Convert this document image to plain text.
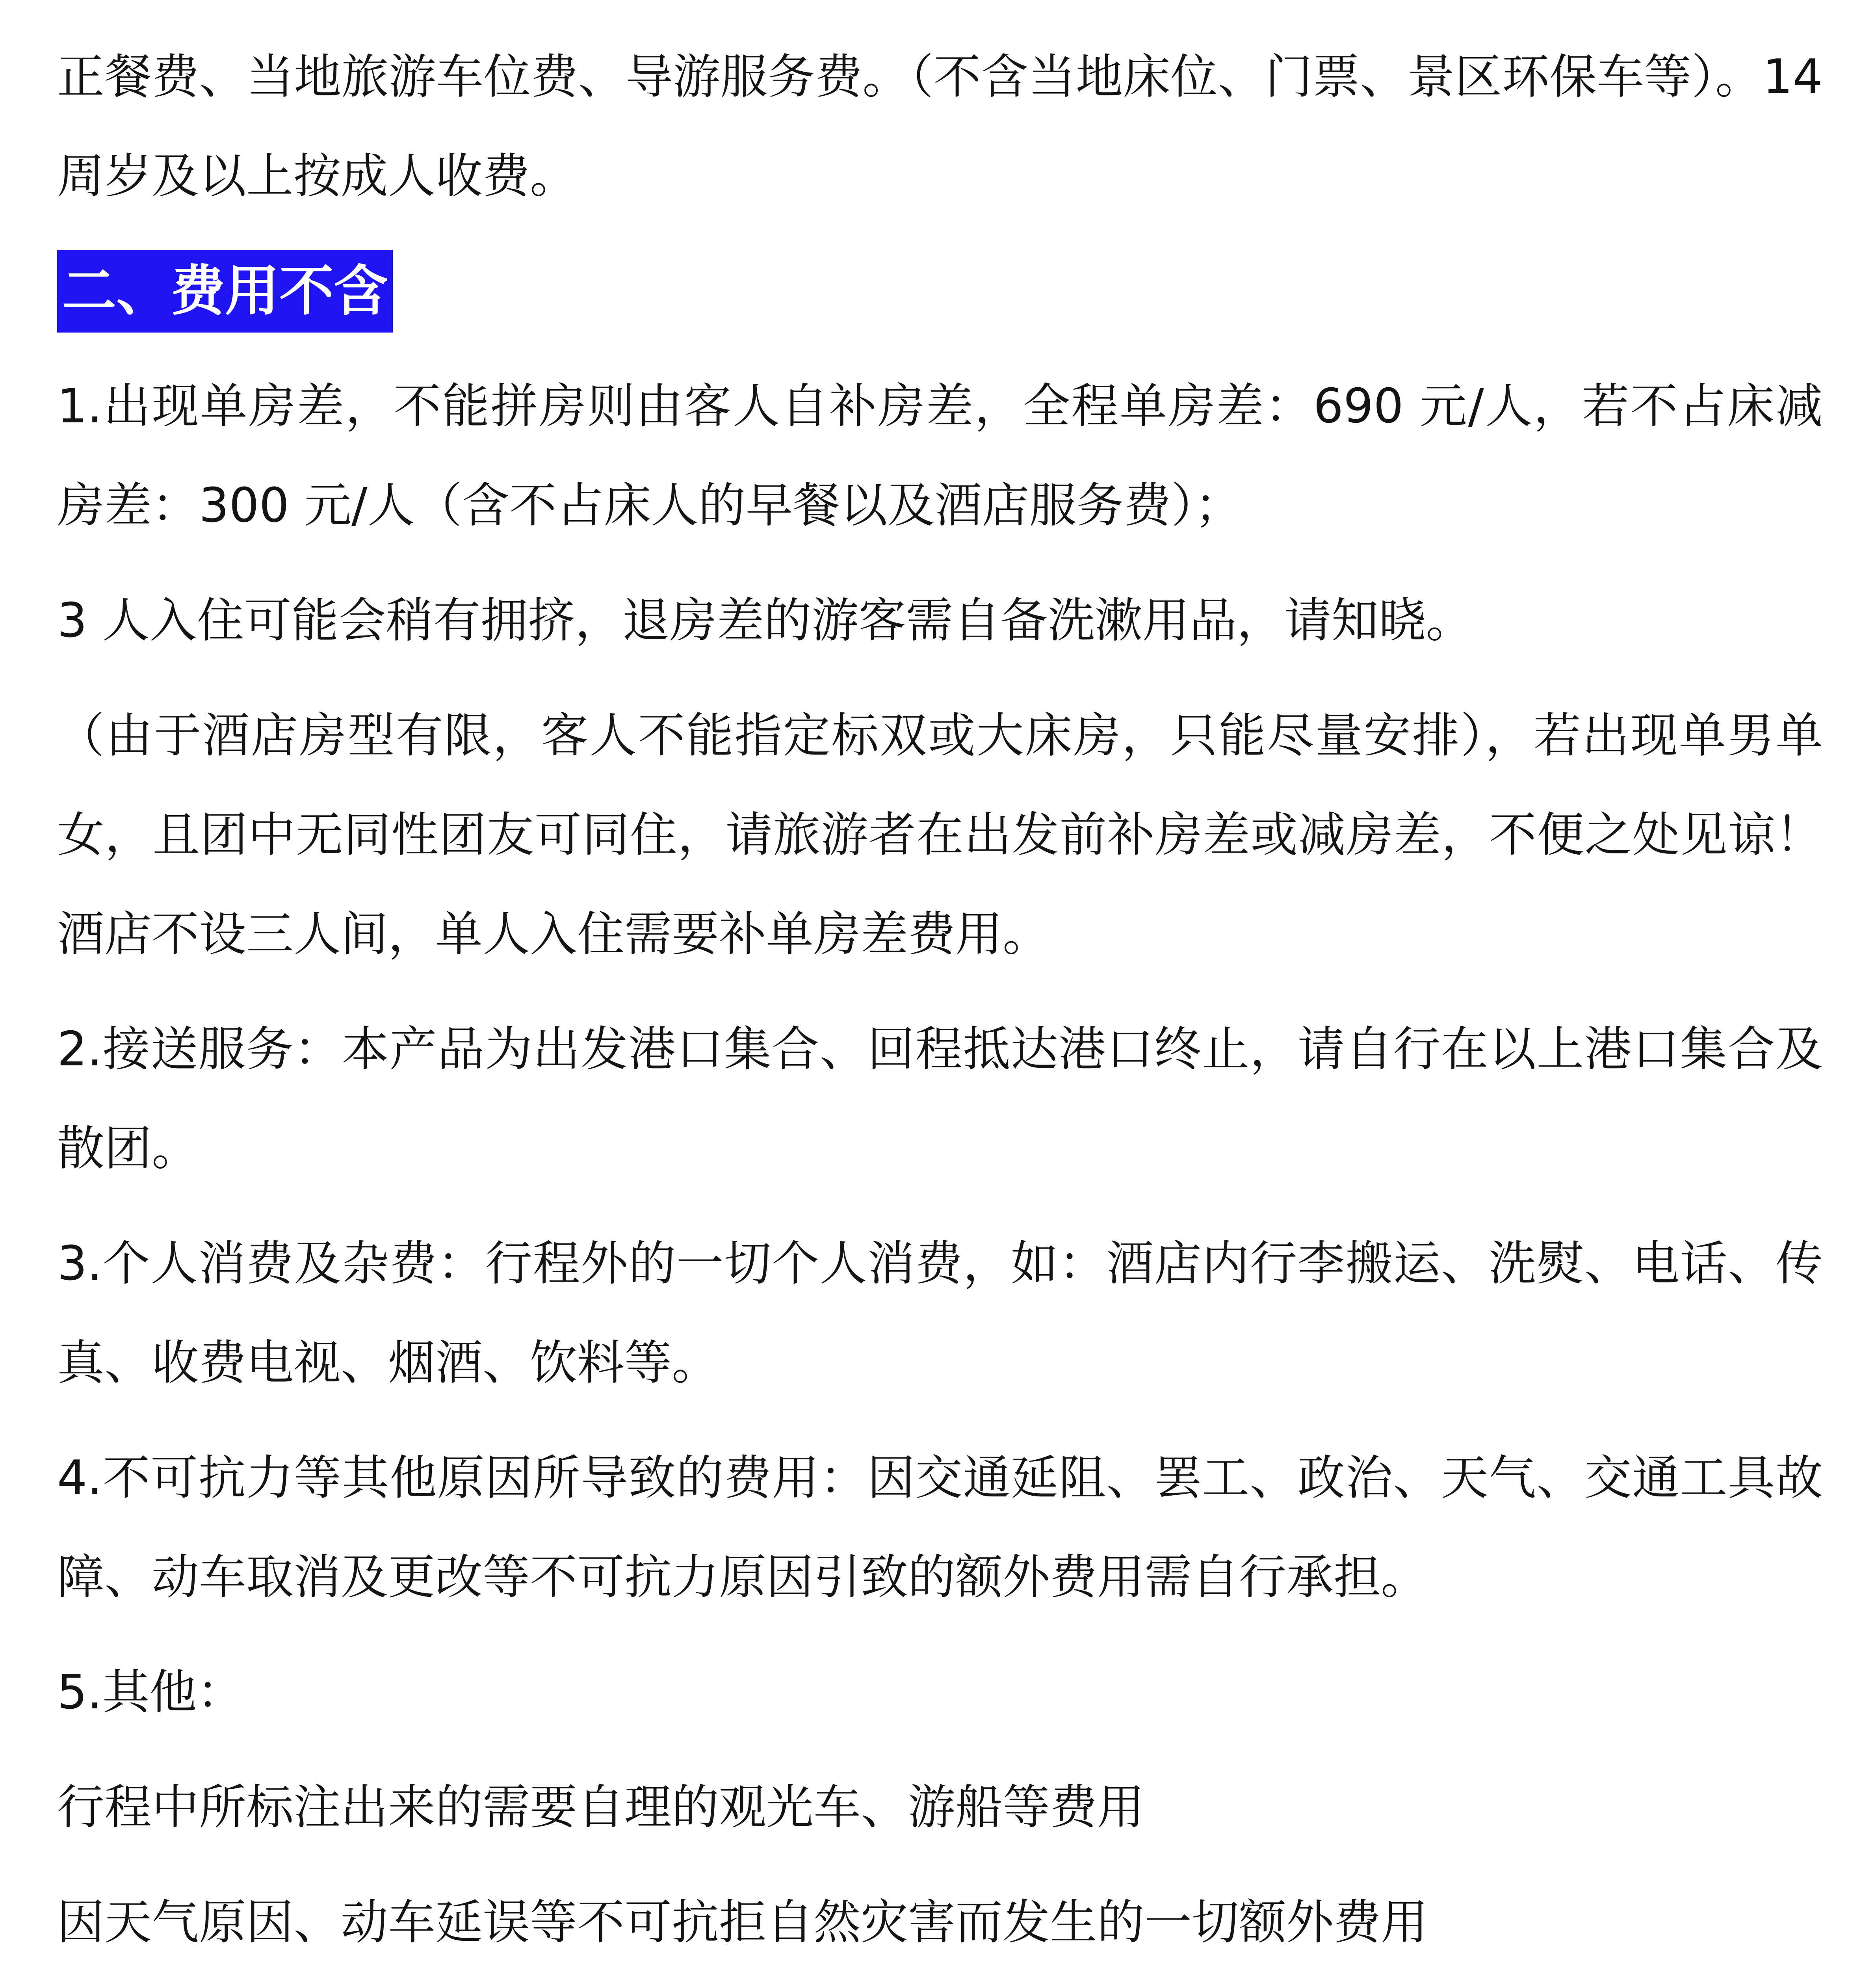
正餐费、当地旅游车位费、导游服务费。（不含当地床位、门票、景区环保车等）。14 周岁及以上按成人收费。

二、费用不含

1.出现单房差，不能拼房则由客人自补房差，全程单房差：690 元/人，若不占床减房差：300 元/人（含不占床人的早餐以及酒店服务费）；

3 人入住可能会稍有拥挤，退房差的游客需自备洗漱用品，请知晓。

（由于酒店房型有限，客人不能指定标双或大床房，只能尽量安排），若出现单男单女，且团中无同性团友可同住，请旅游者在出发前补房差或减房差，不便之处见谅！酒店不设三人间，单人入住需要补单房差费用。

2.接送服务：本产品为出发港口集合、回程抵达港口终止，请自行在以上港口集合及散团。

3.个人消费及杂费：行程外的一切个人消费，如：酒店内行李搬运、洗熨、电话、传真、收费电视、烟酒、饮料等。

4.不可抗力等其他原因所导致的费用：因交通延阻、罢工、政治、天气、交通工具故障、动车取消及更改等不可抗力原因引致的额外费用需自行承担。

5.其他：

行程中所标注出来的需要自理的观光车、游船等费用

因天气原因、动车延误等不可抗拒自然灾害而发生的一切额外费用
